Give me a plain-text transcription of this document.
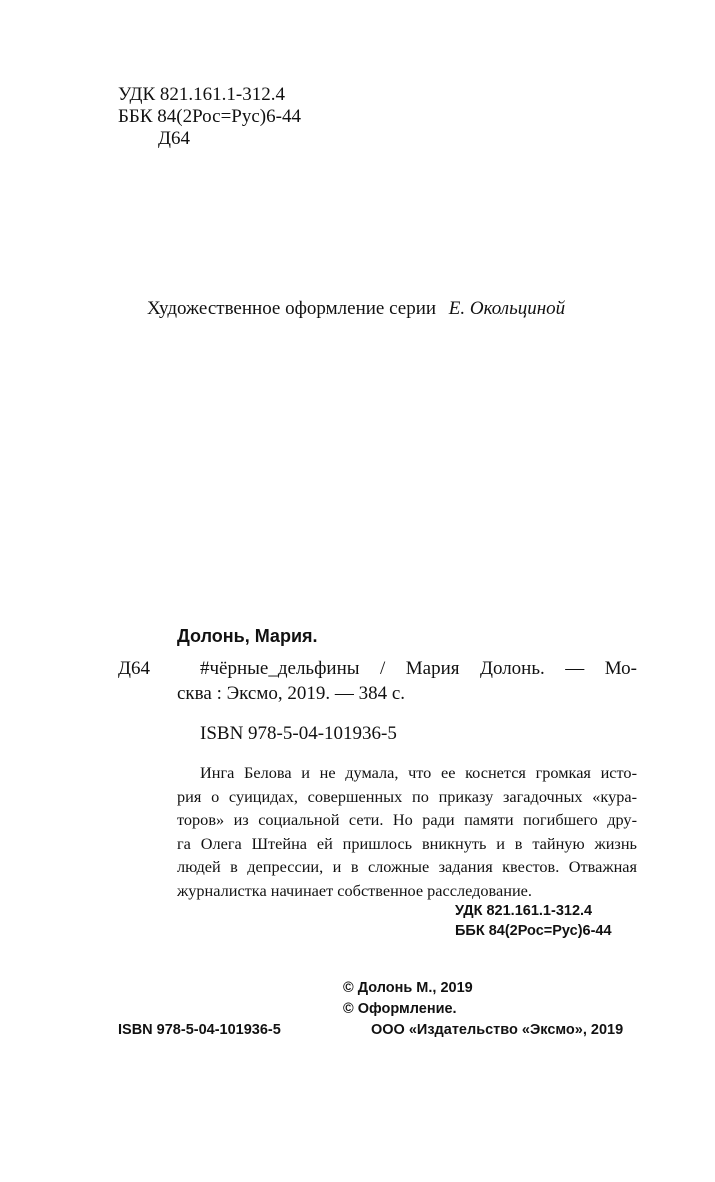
УДК 821.161.1-312.4
ББК 84(2Рос=Рус)6-44
Д64
Художественное оформление серии Е. Окольциной
Долонь, Мария.
Д64	#чёрные_дельфины / Мария Долонь. — Мо-
сква : Эксмо, 2019. — 384 с.
ISBN 978-5-04-101936-5
Инга Белова и не думала, что ее коснется громкая исто-
рия о суицидах, совершенных по приказу загадочных «кура-
торов» из социальной сети. Но ради памяти погибшего дру-
га Олега Штейна ей пришлось вникнуть и в тайную жизнь
людей в депрессии, и в сложные задания квестов. Отважная
журналистка начинает собственное расследование.
УДК 821.161.1-312.4
ББК 84(2Рос=Рус)6-44
© Долонь М., 2019
© Оформление.
ISBN 978-5-04-101936-5	ООО «Издательство «Эксмо», 2019
